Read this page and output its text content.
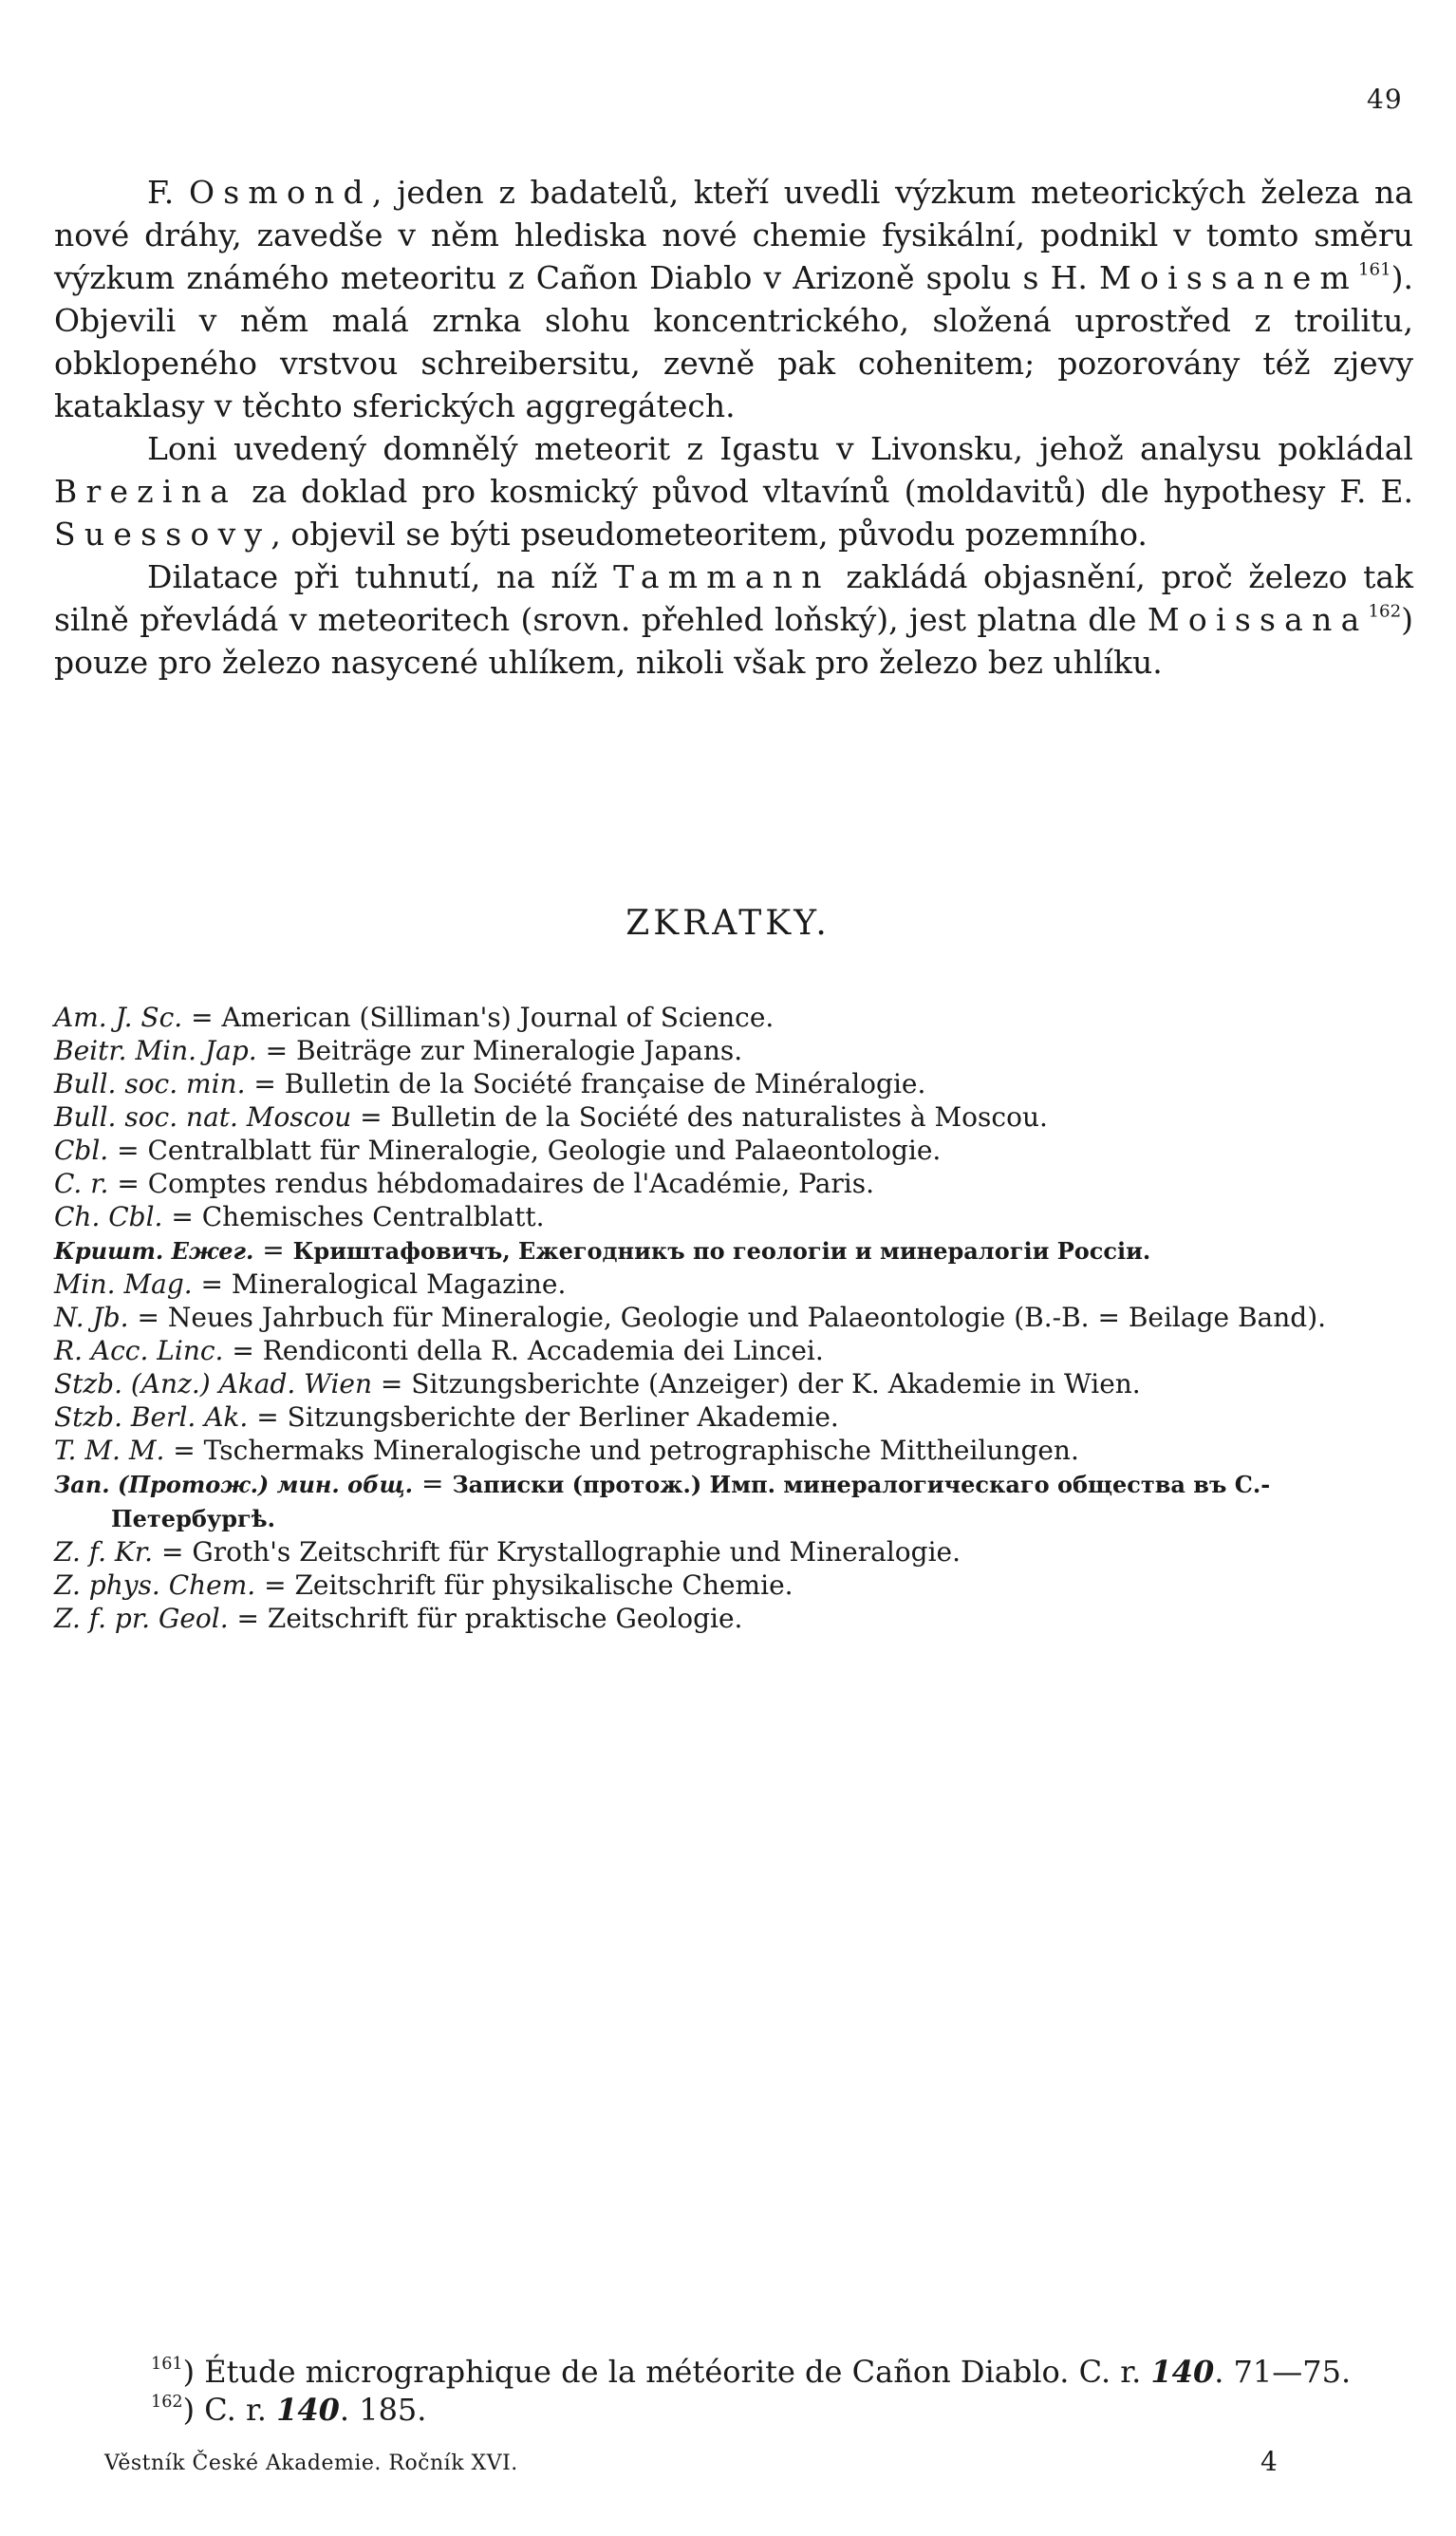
49

F. Osmond, jeden z badatelů, kteří uvedli výzkum meteorických železa na nové dráhy, zavedše v něm hlediska nové chemie fysikální, podnikl v tomto směru výzkum známého meteoritu z Cañon Diablo v Arizoně spolu s H. Moissanem$^{161}$). Objevili v něm malá zrnka slohu koncentrického, složená uprostřed z troilitu, obklopeného vrstvou schreibersitu, zevně pak cohenitem; pozorovány též zjevy kataklasy v těchto sferických aggregátech.

Loni uvedený domnělý meteorit z Igastu v Livonsku, jehož analysu pokládal Brezina za doklad pro kosmický původ vltavínů (moldavitů) dle hypothesy F. E. Suessovy, objevil se býti pseudometeoritem, původu pozemního.

Dilatace při tuhnutí, na níž Tammann zakládá objasnění, proč železo tak silně převládá v meteoritech (srovn. přehled loňský), jest platna dle Moissana$^{162}$) pouze pro železo nasycené uhlíkem, nikoli však pro železo bez uhlíku.

ZKRATKY.
Am. J. Sc. = American (Silliman's) Journal of Science.
Beitr. Min. Jap. = Beiträge zur Mineralogie Japans.
Bull. soc. min. = Bulletin de la Société française de Minéralogie.
Bull. soc. nat. Moscou = Bulletin de la Société des naturalistes à Moscou.
Cbl. = Centralblatt für Mineralogie, Geologie und Palaeontologie.
C. r. = Comptes rendus hébdomadaires de l'Académie, Paris.
Ch. Cbl. = Chemisches Centralblatt.
Кришт. Ежег. = Криштафовичъ, Ежегодникъ по геологіи и минералогіи Россіи.
Min. Mag. = Mineralogical Magazine.
N. Jb. = Neues Jahrbuch für Mineralogie, Geologie und Palaeontologie (B.-B. = Beilage Band).
R. Acc. Linc. = Rendiconti della R. Accademia dei Lincei.
Stzb. (Anz.) Akad. Wien = Sitzungsberichte (Anzeiger) der K. Akademie in Wien.
Stzb. Berl. Ak. = Sitzungsberichte der Berliner Akademie.
T. M. M. = Tschermaks Mineralogische und petrographische Mittheilungen.
Зап. (Протож.) мин. общ. = Записки (протож.) Имп. минералогическаго общества въ С.-Петербургѣ.
Z. f. Kr. = Groth's Zeitschrift für Krystallographie und Mineralogie.
Z. phys. Chem. = Zeitschrift für physikalische Chemie.
Z. f. pr. Geol. = Zeitschrift für praktische Geologie.

$^{161}$) Étude micrographique de la météorite de Cañon Diablo. C. r. 140. 71—75.

$^{162}$) C. r. 140. 185.

Věstník České Akademie. Ročník XVI.	4
